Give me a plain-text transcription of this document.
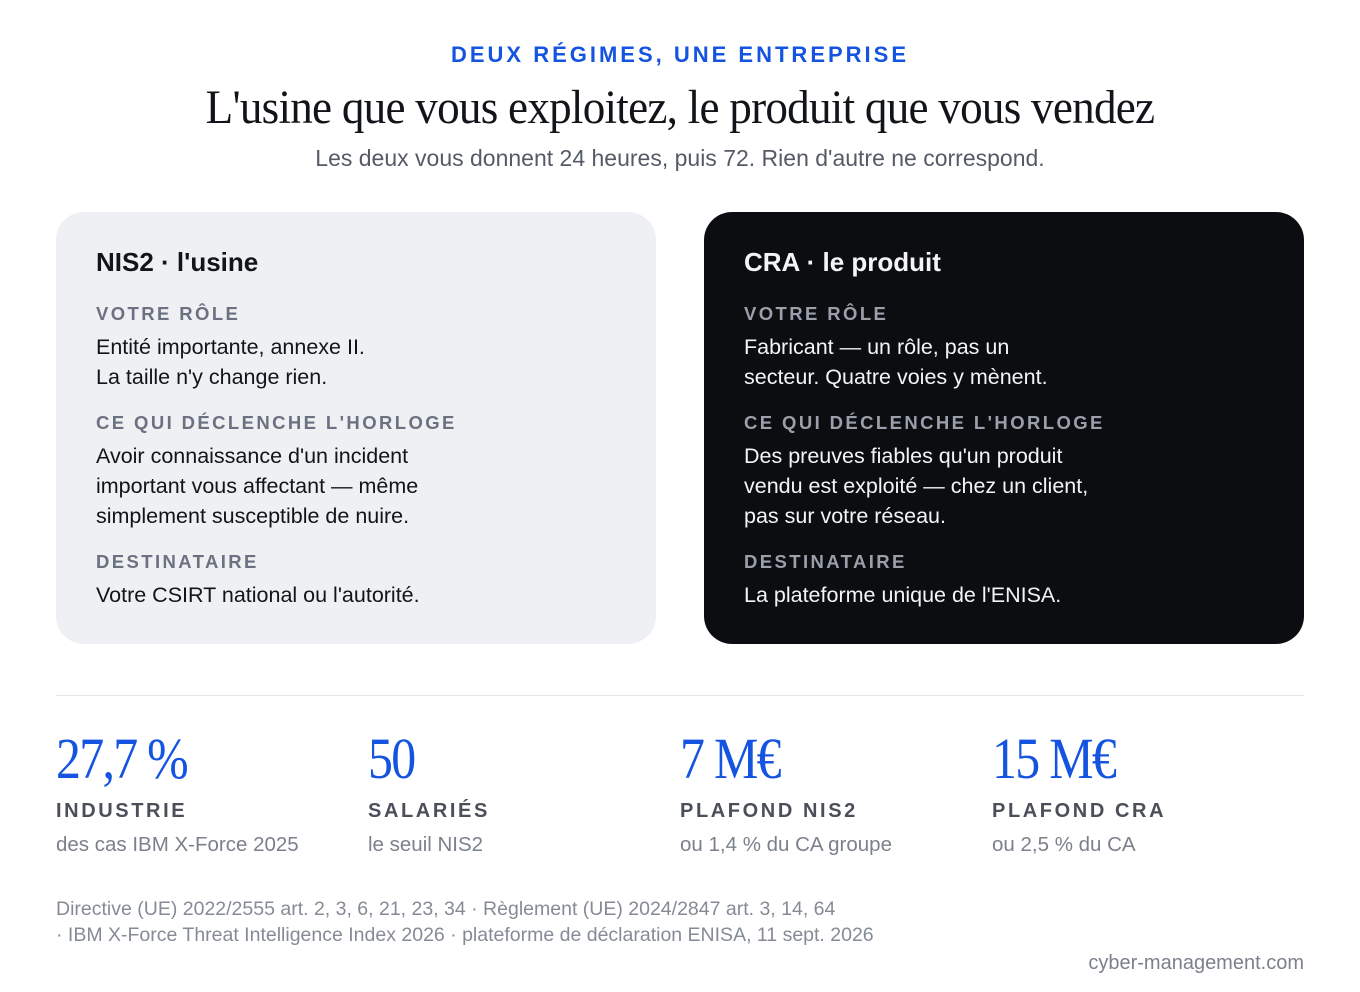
DEUX RÉGIMES, UNE ENTREPRISE
L'usine que vous exploitez, le produit que vous vendez
Les deux vous donnent 24 heures, puis 72. Rien d'autre ne correspond.
NIS2 · l'usine
VOTRE RÔLE
Entité importante, annexe II.
La taille n'y change rien.
CE QUI DÉCLENCHE L'HORLOGE
Avoir connaissance d'un incident
important vous affectant — même
simplement susceptible de nuire.
DESTINATAIRE
Votre CSIRT national ou l'autorité.
CRA · le produit
VOTRE RÔLE
Fabricant — un rôle, pas un
secteur. Quatre voies y mènent.
CE QUI DÉCLENCHE L'HORLOGE
Des preuves fiables qu'un produit
vendu est exploité — chez un client,
pas sur votre réseau.
DESTINATAIRE
La plateforme unique de l'ENISA.
27,7 %
INDUSTRIE
des cas IBM X-Force 2025
50
SALARIÉS
le seuil NIS2
7 M€
PLAFOND NIS2
ou 1,4 % du CA groupe
15 M€
PLAFOND CRA
ou 2,5 % du CA
Directive (UE) 2022/2555 art. 2, 3, 6, 21, 23, 34 · Règlement (UE) 2024/2847 art. 3, 14, 64
· IBM X-Force Threat Intelligence Index 2026 · plateforme de déclaration ENISA, 11 sept. 2026
cyber-management.com
